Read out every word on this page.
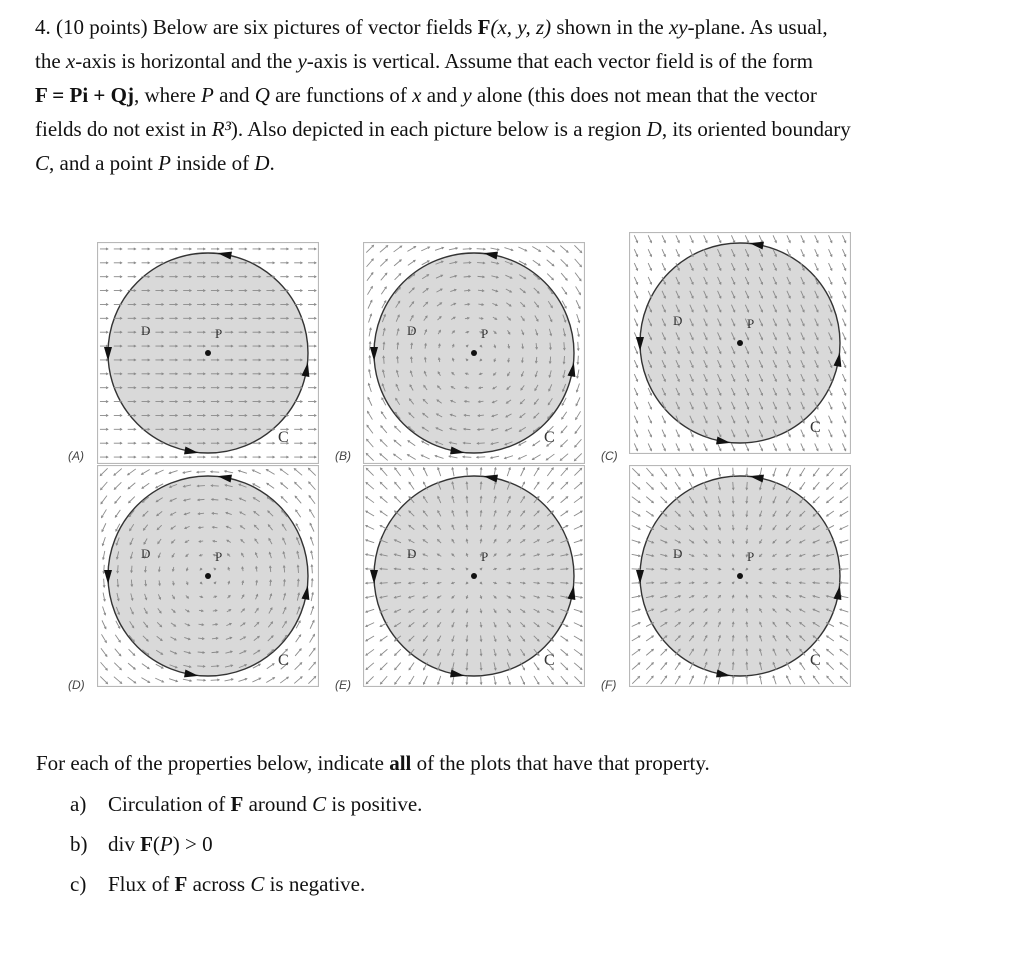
4. (10 points) Below are six pictures of vector fields F(x, y, z) shown in the xy-plane. As usual,

the x-axis is horizontal and the y-axis is vertical. Assume that each vector field is of the form

F = Pi + Qj, where P and Q are functions of x and y alone (this does not mean that the vector

fields do not exist in R³). Also depicted in each picture below is a region D, its oriented boundary

C, and a point P inside of D.

D	P
C
D	P
C
D	P
C
D	P
C
D	P
C
D	P
C
(A)	(B)	(C)
(D)	(E)	(F)

For each of the properties below, indicate all of the plots that have that property.

a) Circulation of F around C is positive.
b) div F(P) > 0
c) Flux of F across C is negative.
